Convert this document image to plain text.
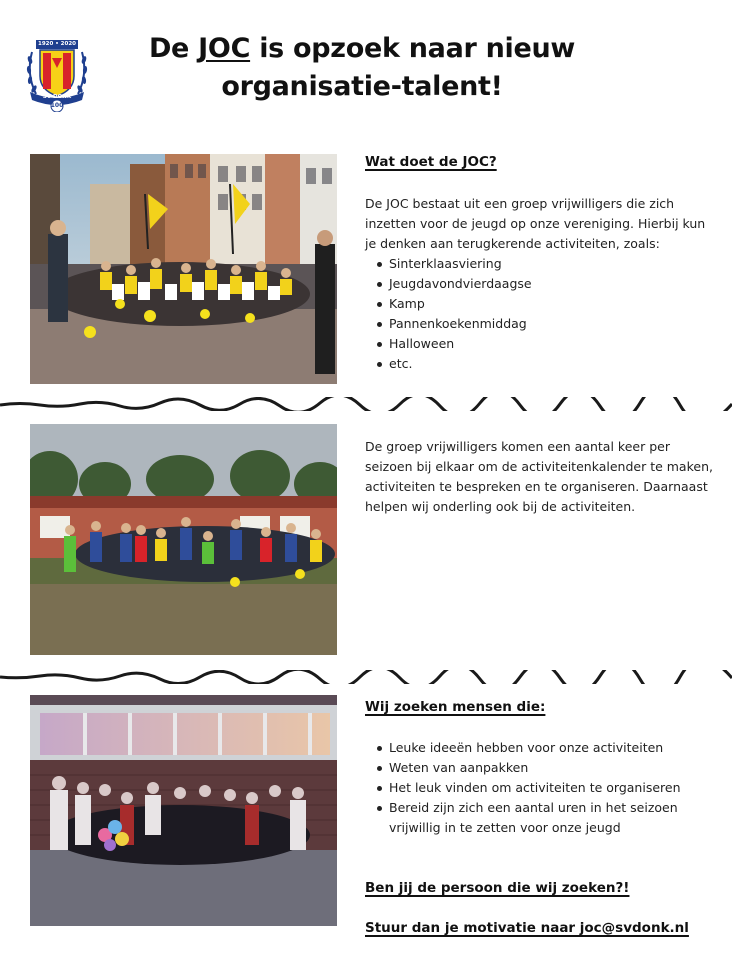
1920 • 2020
SV DONK
100
De JOC is opzoek naar nieuw
organisatie-talent!
Wat doet de JOC?
De JOC bestaat uit een groep vrijwilligers die zich inzetten voor de jeugd op onze vereniging. Hierbij kun je denken aan terugkerende activiteiten, zoals:
Sinterklaasviering
Jeugdavondvierdaagse
Kamp
Pannenkoekenmiddag
Halloween
etc.
De groep vrijwilligers komen een aantal keer per seizoen bij elkaar om de activiteitenkalender te maken, activiteiten te bespreken en te organiseren. Daarnaast helpen wij onderling ook bij de activiteiten.
Wij zoeken mensen die:
Leuke ideeën hebben voor onze activiteiten
Weten van aanpakken
Het leuk vinden om activiteiten te organiseren
Bereid zijn zich een aantal uren in het seizoen vrijwillig in te zetten voor onze jeugd
Ben jij de persoon die wij zoeken?!
Stuur dan je motivatie naar joc@svdonk.nl
